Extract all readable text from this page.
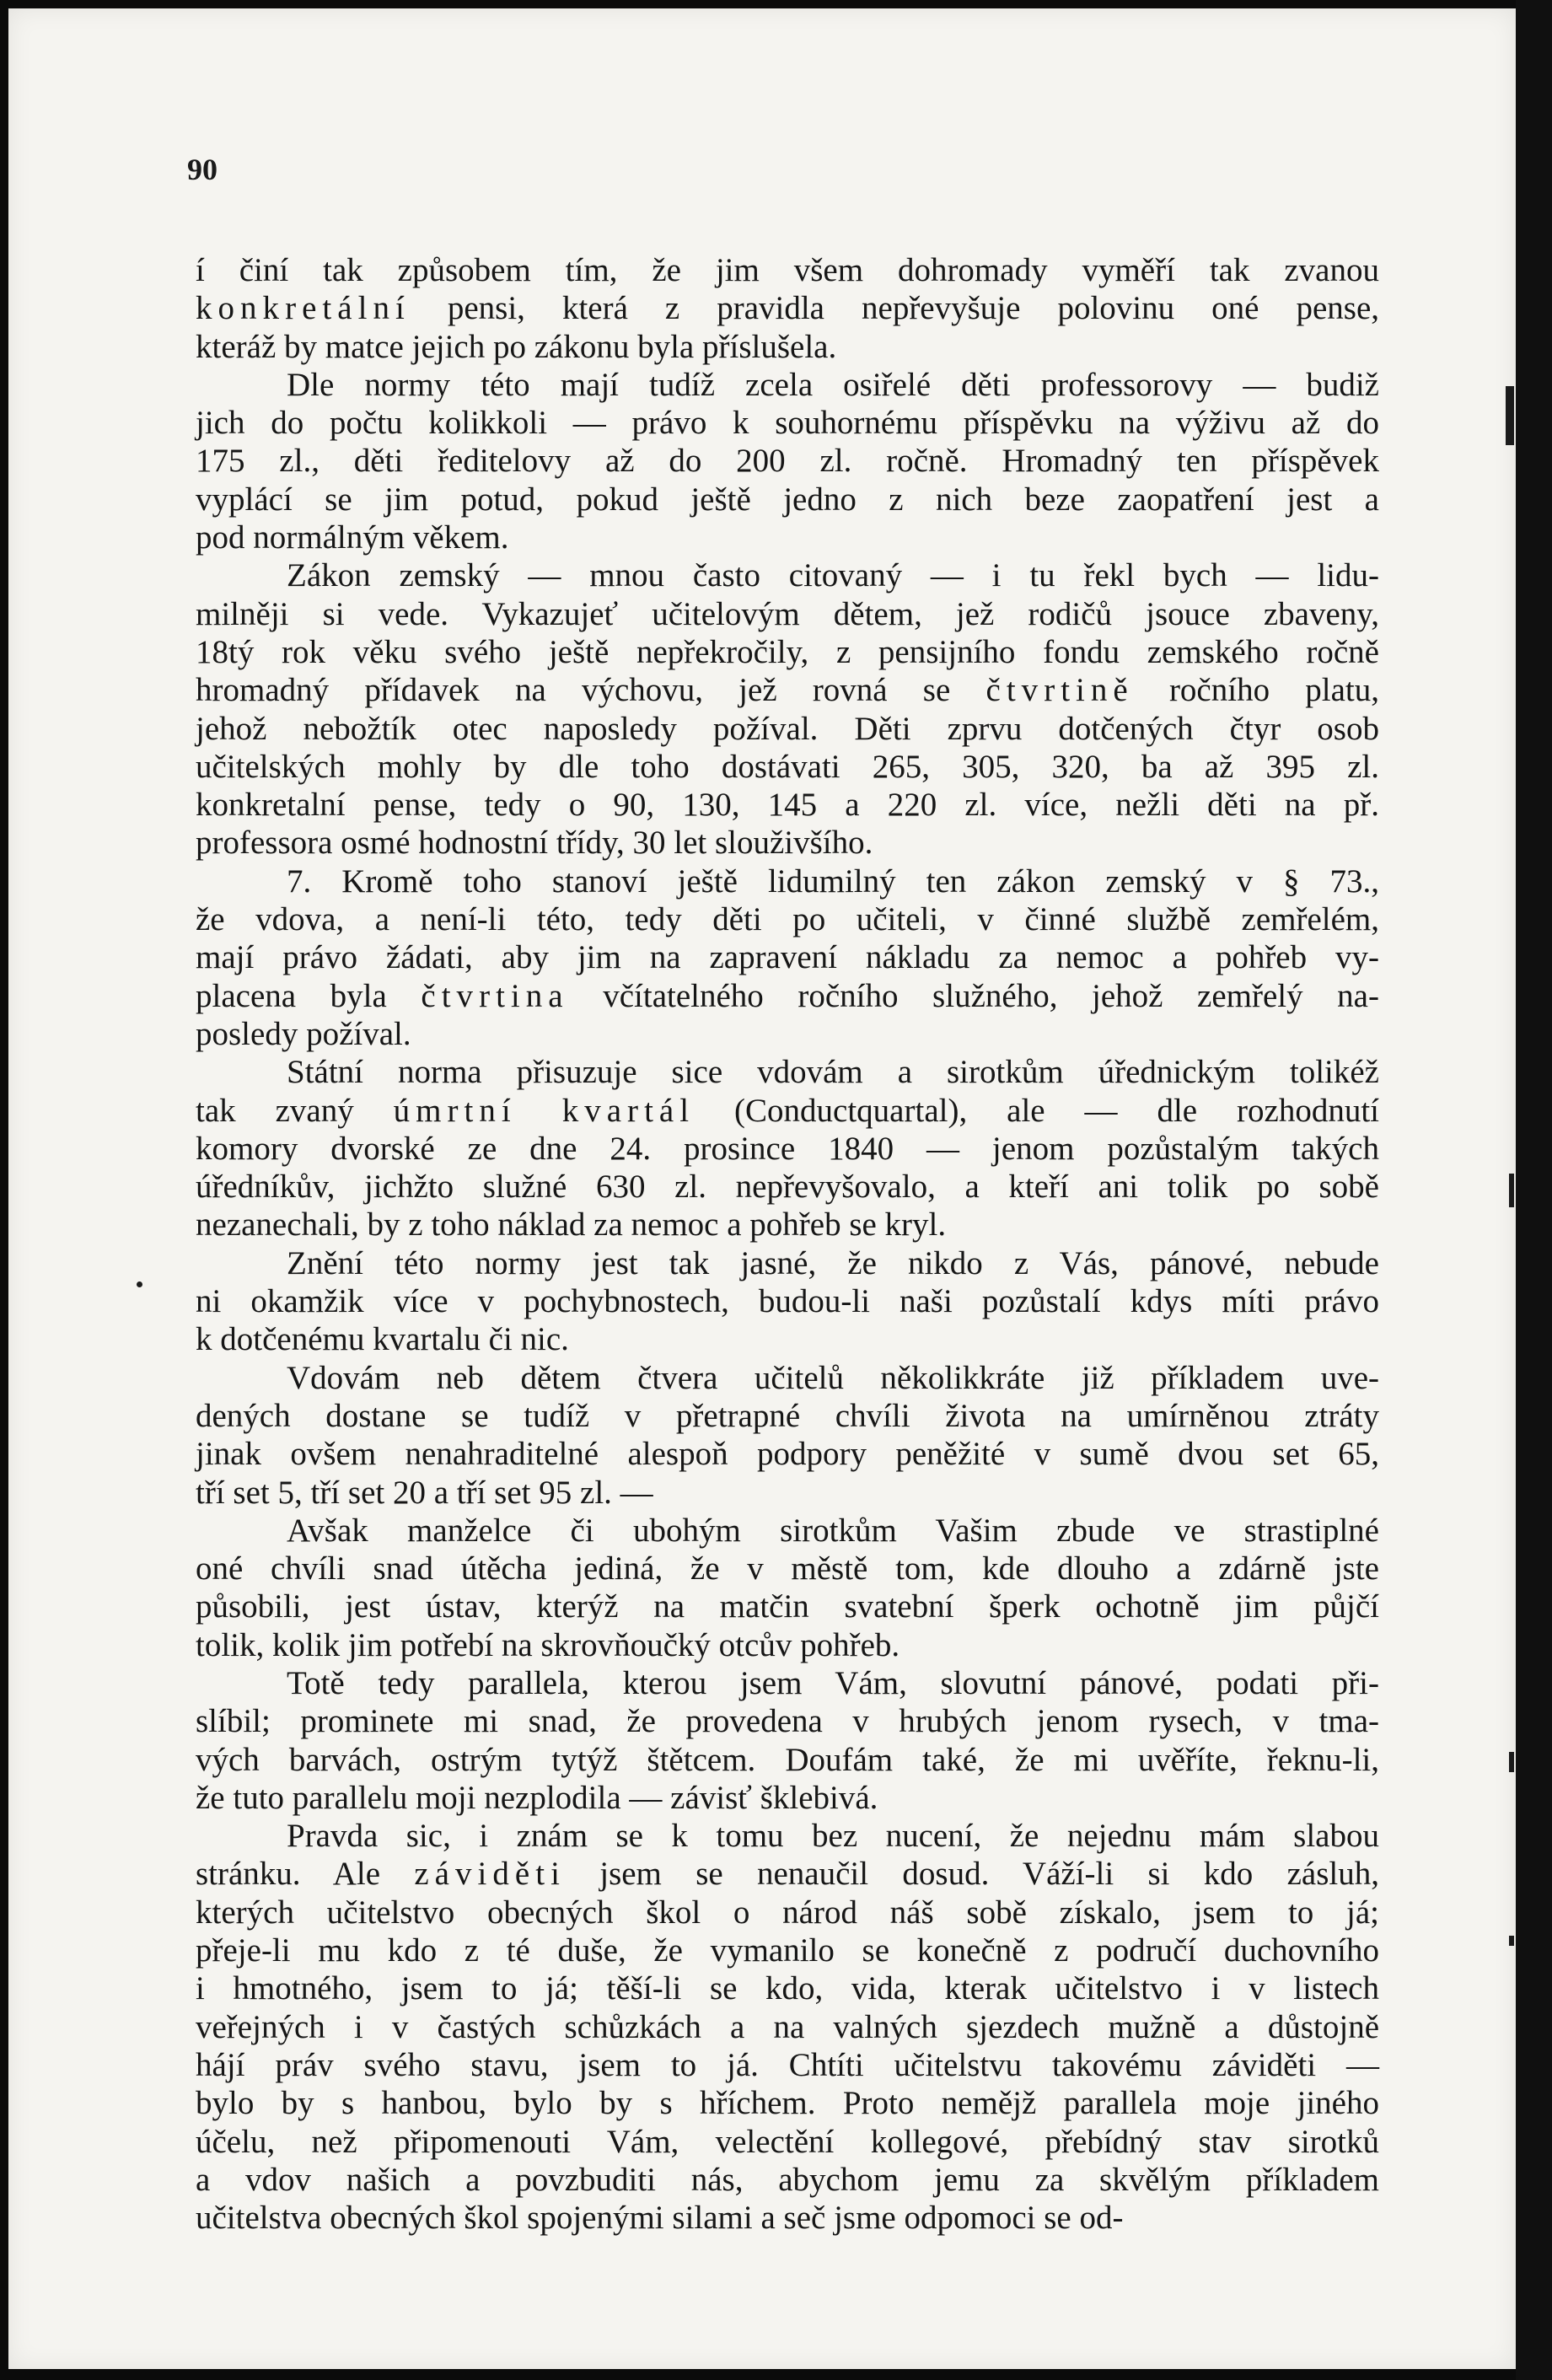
90
í činí tak způsobem tím, že jim všem dohromady vyměří tak zvanou
konkretální pensi, která z pravidla nepřevyšuje polovinu oné pense,
kteráž by matce jejich po zákonu byla příslušela.
Dle normy této mají tudíž zcela osiřelé děti professorovy — budiž
jich do počtu kolikkoli — právo k souhornému příspěvku na výživu až do
175 zl., děti ředitelovy až do 200 zl. ročně. Hromadný ten příspěvek
vyplácí se jim potud, pokud ještě jedno z nich beze zaopatření jest a
pod normálným věkem.
Zákon zemský — mnou často citovaný — i tu řekl bych — lidu-
milněji si vede. Vykazujeť učitelovým dětem, jež rodičů jsouce zbaveny,
18tý rok věku svého ještě nepřekročily, z pensijního fondu zemského ročně
hromadný přídavek na výchovu, jež rovná se čtvrtině ročního platu,
jehož nebožtík otec naposledy požíval. Děti zprvu dotčených čtyr osob
učitelských mohly by dle toho dostávati 265, 305, 320, ba až 395 zl.
konkretalní pense, tedy o 90, 130, 145 a 220 zl. více, nežli děti na př.
professora osmé hodnostní třídy, 30 let slouživšího.
7. Kromě toho stanoví ještě lidumilný ten zákon zemský v § 73.,
že vdova, a není-li této, tedy děti po učiteli, v činné službě zemřelém,
mají právo žádati, aby jim na zapravení nákladu za nemoc a pohřeb vy-
placena byla čtvrtina včítatelného ročního služného, jehož zemřelý na-
posledy požíval.
Státní norma přisuzuje sice vdovám a sirotkům úřednickým tolikéž
tak zvaný úmrtní kvartál (Conductquartal), ale — dle rozhodnutí
komory dvorské ze dne 24. prosince 1840 — jenom pozůstalým takých
úředníkův, jichžto služné 630 zl. nepřevyšovalo, a kteří ani tolik po sobě
nezanechali, by z toho náklad za nemoc a pohřeb se kryl.
Znění této normy jest tak jasné, že nikdo z Vás, pánové, nebude
ni okamžik více v pochybnostech, budou-li naši pozůstalí kdys míti právo
k dotčenému kvartalu či nic.
Vdovám neb dětem čtvera učitelů několikkráte již příkladem uve-
dených dostane se tudíž v přetrapné chvíli života na umírněnou ztráty
jinak ovšem nenahraditelné alespoň podpory peněžité v sumě dvou set 65,
tří set 5, tří set 20 a tří set 95 zl. —
Avšak manželce či ubohým sirotkům Vašim zbude ve strastiplné
oné chvíli snad útěcha jediná, že v městě tom, kde dlouho a zdárně jste
působili, jest ústav, kterýž na matčin svatební šperk ochotně jim půjčí
tolik, kolik jim potřebí na skrovňoučký otcův pohřeb.
Totě tedy parallela, kterou jsem Vám, slovutní pánové, podati při-
slíbil; prominete mi snad, že provedena v hrubých jenom rysech, v tma-
vých barvách, ostrým tytýž štětcem. Doufám také, že mi uvěříte, řeknu-li,
že tuto parallelu moji nezplodila — závisť šklebivá.
Pravda sic, i znám se k tomu bez nucení, že nejednu mám slabou
stránku. Ale záviděti jsem se nenaučil dosud. Váží-li si kdo zásluh,
kterých učitelstvo obecných škol o národ náš sobě získalo, jsem to já;
přeje-li mu kdo z té duše, že vymanilo se konečně z područí duchovního
i hmotného, jsem to já; těší-li se kdo, vida, kterak učitelstvo i v listech
veřejných i v častých schůzkách a na valných sjezdech mužně a důstojně
hájí práv svého stavu, jsem to já. Chtíti učitelstvu takovému záviděti —
bylo by s hanbou, bylo by s hříchem. Proto nemějž parallela moje jiného
účelu, než připomenouti Vám, velectění kollegové, přebídný stav sirotků
a vdov našich a povzbuditi nás, abychom jemu za skvělým příkladem
učitelstva obecných škol spojenými silami a seč jsme odpomoci se od-
